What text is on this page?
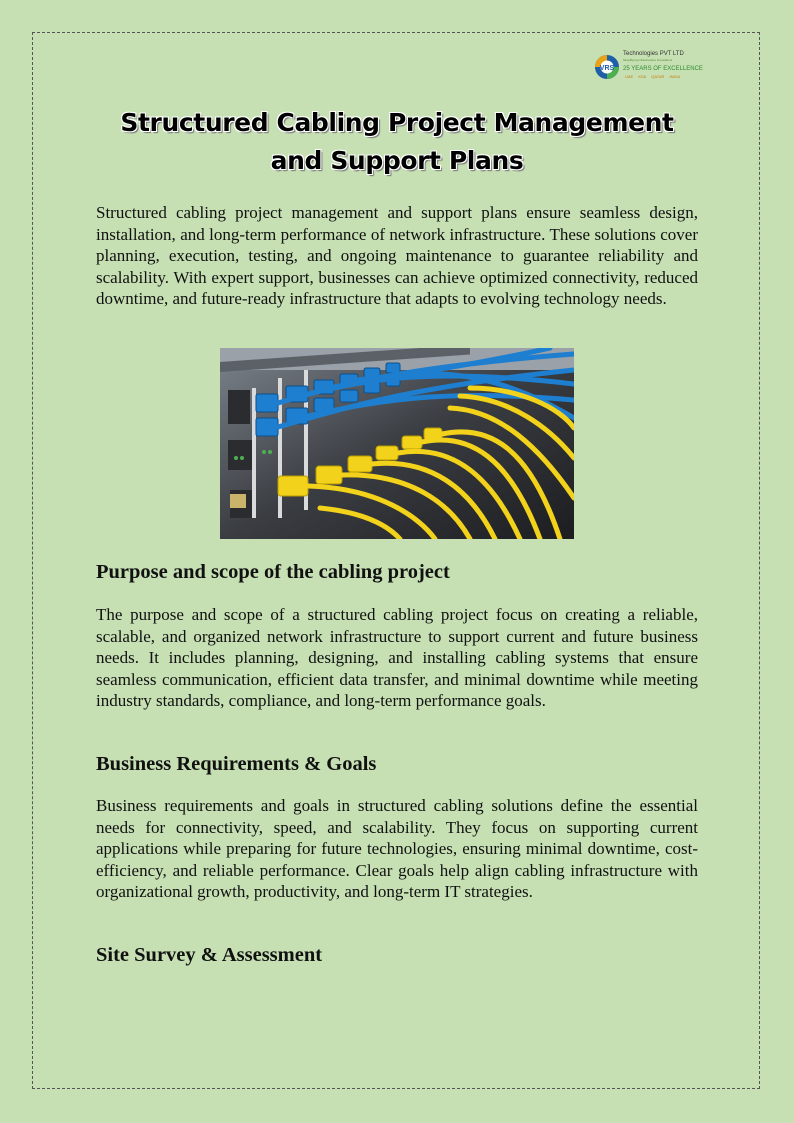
VRS
Technologies PVT LTD
Simplifying Infrastructure Innovations
25 YEARS OF EXCELLENCE
UAE KSA QATAR INDIA
Structured Cabling Project Management
and Support Plans

Structured cabling project management and support plans ensure seamless design, installation, and long-term performance of network infrastructure. These solutions cover planning, execution, testing, and ongoing maintenance to guarantee reliability and scalability. With expert support, businesses can achieve optimized connectivity, reduced downtime, and future-ready infrastructure that adapts to evolving technology needs.

Purpose and scope of the cabling project

The purpose and scope of a structured cabling project focus on creating a reliable, scalable, and organized network infrastructure to support current and future business needs. It includes planning, designing, and installing cabling systems that ensure seamless communication, efficient data transfer, and minimal downtime while meeting industry standards, compliance, and long-term performance goals.

Business Requirements & Goals

Business requirements and goals in structured cabling solutions define the essential needs for connectivity, speed, and scalability. They focus on supporting current applications while preparing for future technologies, ensuring minimal downtime, cost-efficiency, and reliable performance. Clear goals help align cabling infrastructure with organizational growth, productivity, and long-term IT strategies.

Site Survey & Assessment
